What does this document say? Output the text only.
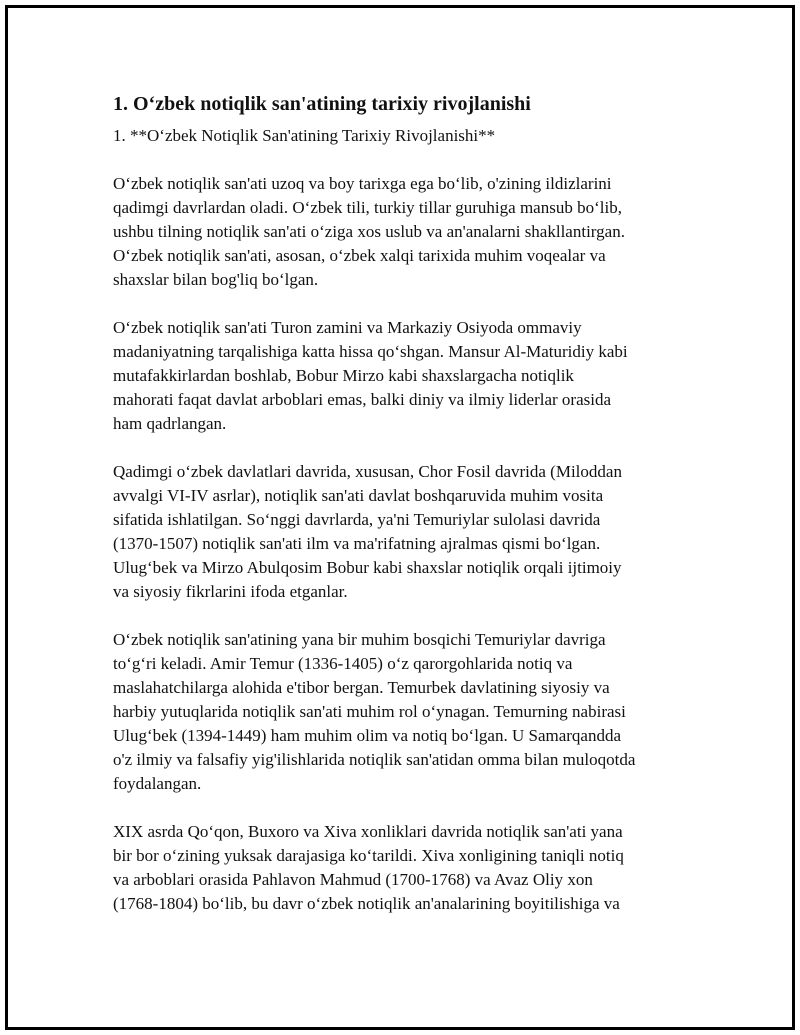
1. O‘zbek notiqlik san'atining tarixiy rivojlanishi

1. **O‘zbek Notiqlik San'atining Tarixiy Rivojlanishi**

O‘zbek notiqlik san'ati uzoq va boy tarixga ega bo‘lib, o'zining ildizlarini
qadimgi davrlardan oladi. O‘zbek tili, turkiy tillar guruhiga mansub bo‘lib,
ushbu tilning notiqlik san'ati o‘ziga xos uslub va an'analarni shakllantirgan.
O‘zbek notiqlik san'ati, asosan, o‘zbek xalqi tarixida muhim voqealar va
shaxslar bilan bog'liq bo‘lgan.
O‘zbek notiqlik san'ati Turon zamini va Markaziy Osiyoda ommaviy
madaniyatning tarqalishiga katta hissa qo‘shgan. Mansur Al-Maturidiy kabi
mutafakkirlardan boshlab, Bobur Mirzo kabi shaxslargacha notiqlik
mahorati faqat davlat arboblari emas, balki diniy va ilmiy liderlar orasida
ham qadrlangan.
Qadimgi o‘zbek davlatlari davrida, xususan, Chor Fosil davrida (Miloddan
avvalgi VI-IV asrlar), notiqlik san'ati davlat boshqaruvida muhim vosita
sifatida ishlatilgan. So‘nggi davrlarda, ya'ni Temuriylar sulolasi davrida
(1370-1507) notiqlik san'ati ilm va ma'rifatning ajralmas qismi bo‘lgan.
Ulug‘bek va Mirzo Abulqosim Bobur kabi shaxslar notiqlik orqali ijtimoiy
va siyosiy fikrlarini ifoda etganlar.
O‘zbek notiqlik san'atining yana bir muhim bosqichi Temuriylar davriga
to‘g‘ri keladi. Amir Temur (1336-1405) o‘z qarorgohlarida notiq va
maslahatchilarga alohida e'tibor bergan. Temurbek davlatining siyosiy va
harbiy yutuqlarida notiqlik san'ati muhim rol o‘ynagan. Temurning nabirasi
Ulug‘bek (1394-1449) ham muhim olim va notiq bo‘lgan. U Samarqandda
o'z ilmiy va falsafiy yig'ilishlarida notiqlik san'atidan omma bilan muloqotda
foydalangan.
XIX asrda Qo‘qon, Buxoro va Xiva xonliklari davrida notiqlik san'ati yana
bir bor o‘zining yuksak darajasiga ko‘tarildi. Xiva xonligining taniqli notiq
va arboblari orasida Pahlavon Mahmud (1700-1768) va Avaz Oliy xon
(1768-1804) bo‘lib, bu davr o‘zbek notiqlik an'analarining boyitilishiga va
